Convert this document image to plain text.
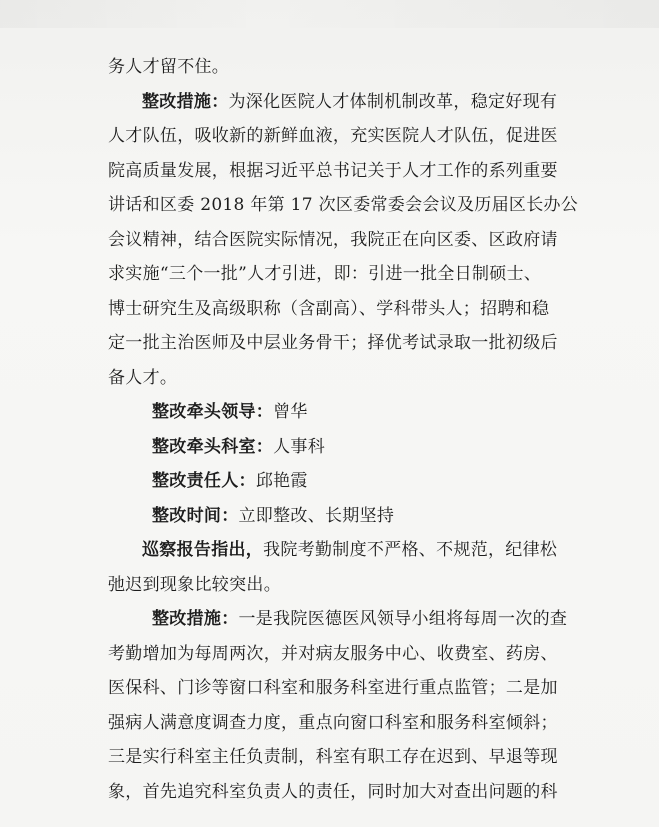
务人才留不住。
整改措施：为深化医院人才体制机制改革，稳定好现有
人才队伍，吸收新的新鲜血液，充实医院人才队伍，促进医
院高质量发展，根据习近平总书记关于人才工作的系列重要
讲话和区委 2018 年第 17 次区委常委会会议及历届区长办公
会议精神，结合医院实际情况，我院正在向区委、区政府请
求实施“三个一批”人才引进，即：引进一批全日制硕士、
博士研究生及高级职称（含副高）、学科带头人；招聘和稳
定一批主治医师及中层业务骨干；择优考试录取一批初级后
备人才。
整改牵头领导：曾华
整改牵头科室：人事科
整改责任人：邱艳霞
整改时间：立即整改、长期坚持
巡察报告指出，我院考勤制度不严格、不规范，纪律松
弛迟到现象比较突出。
整改措施：一是我院医德医风领导小组将每周一次的查
考勤增加为每周两次，并对病友服务中心、收费室、药房、
医保科、门诊等窗口科室和服务科室进行重点监管；二是加
强病人满意度调查力度，重点向窗口科室和服务科室倾斜；
三是实行科室主任负责制，科室有职工存在迟到、早退等现
象，首先追究科室负责人的责任，同时加大对查出问题的科
